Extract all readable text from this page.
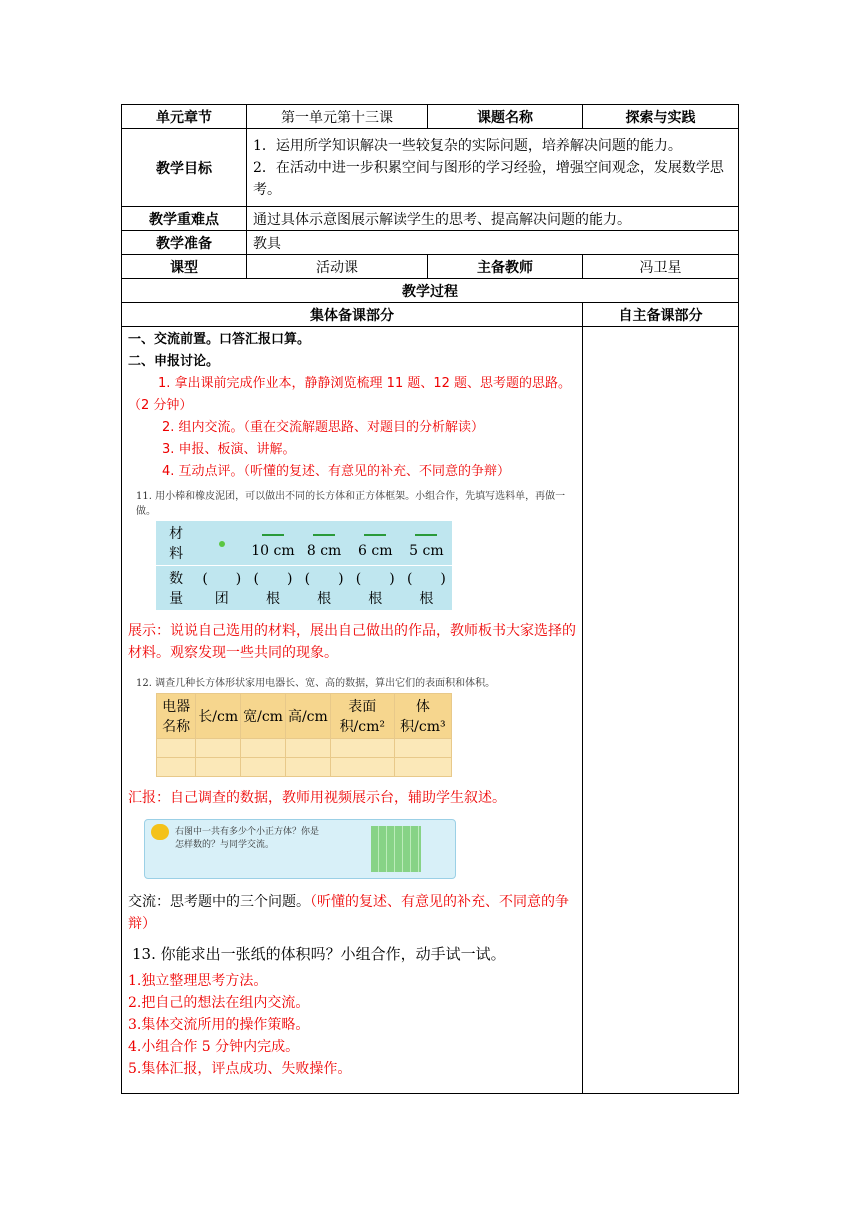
单元章节	第一单元第十三课	课题名称	探索与实践
教学目标	
1．运用所学知识解决一些较复杂的实际问题，培养解决问题的能力。
2．在活动中进一步积累空间与图形的学习经验，增强空间观念，发展数学思考。

教学重难点	通过具体示意图展示解读学生的思考、提高解决问题的能力。
教学准备	教具
课型	活动课	主备教师	冯卫星
教学过程
集体备课部分	自主备课部分

一、交流前置。口答汇报口算。

二、申报讨论。

1. 拿出课前完成作业本，静静浏览梳理 11 题、12 题、思考题的思路。（2 分钟）

2. 组内交流。（重在交流解题思路、对题目的分析解读）

3. 申报、板演、讲解。

4. 互动点评。（听懂的复述、有意见的补充、不同意的争辩）

11. 用小棒和橡皮泥团，可以做出不同的长方体和正方体框架。小组合作，先填写选料单，再做一做。
材　料		10 cm	8 cm	6 cm	5 cm
数　量	(　　)团	(　　)根	(　　)根	(　　)根	(　　)根

展示：说说自己选用的材料，展出自己做出的作品，教师板书大家选择的材料。观察发现一些共同的现象。

12. 调查几种长方体形状家用电器长、宽、高的数据，算出它们的表面积和体积。
电器名称	长/cm	宽/cm	高/cm	表面积/cm²	体积/cm³

汇报：自己调查的数据，教师用视频展示台，辅助学生叙述。

右图中一共有多少个小正方体？你是怎样数的？与同学交流。

交流：思考题中的三个问题。（听懂的复述、有意见的补充、不同意的争辩）

13. 你能求出一张纸的体积吗？小组合作，动手试一试。

1.独立整理思考方法。

2.把自己的想法在组内交流。

3.集体交流所用的操作策略。

4.小组合作 5 分钟内完成。

5.集体汇报，评点成功、失败操作。
